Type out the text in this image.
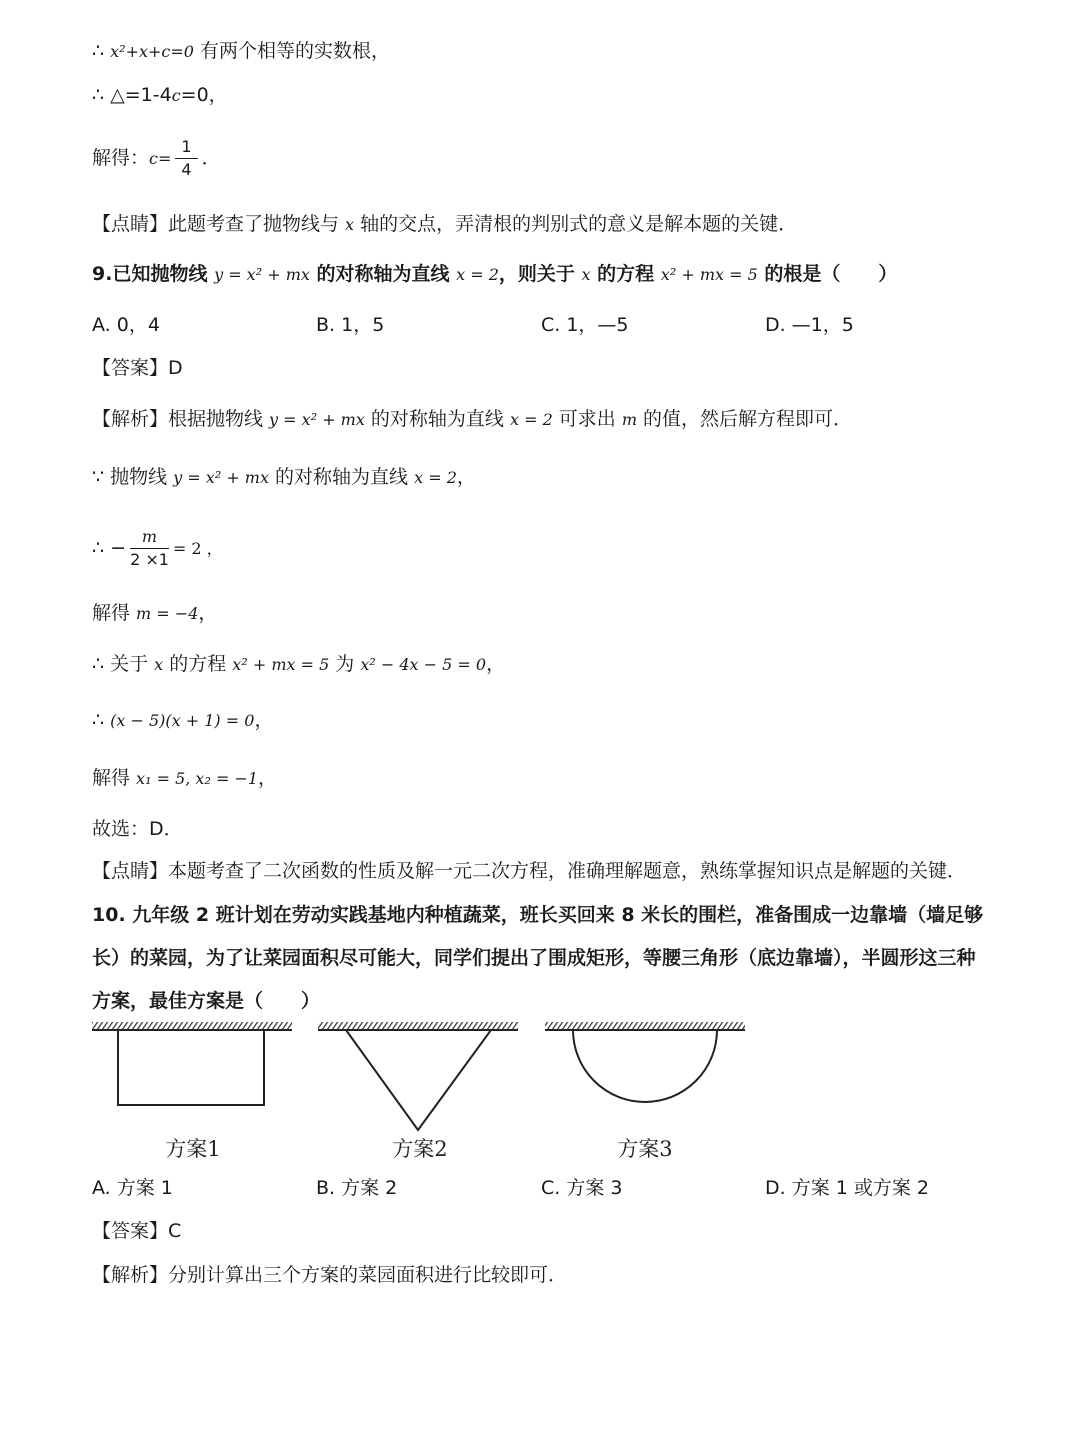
∴ x²+x+c=0 有两个相等的实数根，
∴ △=1-4c=0，
解得：$c= \frac{1}{4}$ ．
【点睛】此题考查了抛物线与 x 轴的交点，弄清根的判别式的意义是解本题的关键．
9.已知抛物线 y = x² + mx 的对称轴为直线 x = 2，则关于 x 的方程 x² + mx = 5 的根是（　　）
A. 0，4	B. 1，5	C. 1，—5	D. —1，5
【答案】D
【解析】根据抛物线 y = x² + mx 的对称轴为直线 x = 2 可求出 m 的值，然后解方程即可．
∵ 抛物线 y = x² + mx 的对称轴为直线 x = 2，
∴ − $\frac{m}{2 \times 1} = 2$ ，
解得 m = −4，
∴ 关于 x 的方程 x² + mx = 5 为 x² − 4x − 5 = 0，
∴ (x − 5)(x + 1) = 0，
解得 x₁ = 5, x₂ = −1，
故选：D．
【点睛】本题考查了二次函数的性质及解一元二次方程，准确理解题意，熟练掌握知识点是解题的关键．
10. 九年级 2 班计划在劳动实践基地内种植蔬菜，班长买回来 8 米长的围栏，准备围成一边靠墙（墙足够
长）的菜园，为了让菜园面积尽可能大，同学们提出了围成矩形，等腰三角形（底边靠墙），半圆形这三种
方案，最佳方案是（　　）
方案1	方案2	方案3
A. 方案 1	B. 方案 2	C. 方案 3	D. 方案 1 或方案 2
【答案】C
【解析】分别计算出三个方案的菜园面积进行比较即可．
